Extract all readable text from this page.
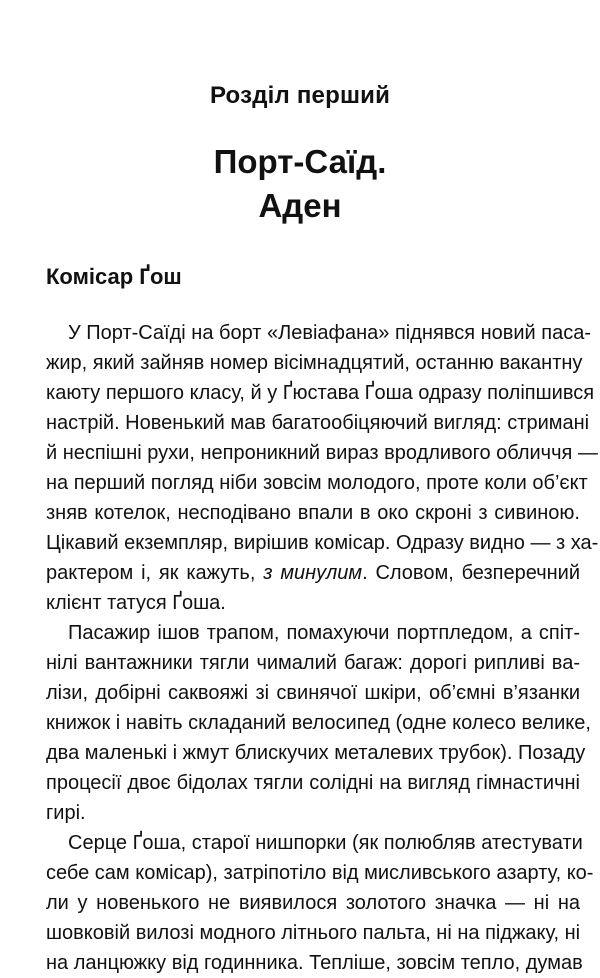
Розділ перший
Порт-Саїд.
Аден
Комісар Ґош
У Порт-Саїді на борт «Левіафана» піднявся новий паса-
жир, який зайняв номер вісімнадцятий, останню вакантну
каюту першого класу, й у Ґюстава Ґоша одразу поліпшився
настрій. Новенький мав багатообіцяючий вигляд: стримані
й неспішні рухи, непроникний вираз вродливого обличчя —
на перший погляд ніби зовсім молодого, проте коли об’єкт
зняв котелок, несподівано впали в око скроні з сивиною.
Цікавий екземпляр, вирішив комісар. Одразу видно — з ха-
рактером і, як кажуть, з минулим. Словом, безперечний
клієнт татуся Ґоша.
Пасажир ішов трапом, помахуючи портпледом, а спіт-
нілі вантажники тягли чималий багаж: дорогі рипливі ва-
лізи, добірні саквояжі зі свинячої шкіри, об’ємні в’язанки
книжок і навіть складаний велосипед (одне колесо велике,
два маленькі і жмут блискучих металевих трубок). Позаду
процесії двоє бідолах тягли солідні на вигляд гімнастичні
гирі.
Серце Ґоша, старої нишпорки (як полюбляв атестувати
себе сам комісар), затріпотіло від мисливського азарту, ко-
ли у новенького не виявилося золотого значка — ні на
шовковій вилозі модного літнього пальта, ні на піджаку, ні
на ланцюжку від годинника. Тепліше, зовсім тепло, думав
